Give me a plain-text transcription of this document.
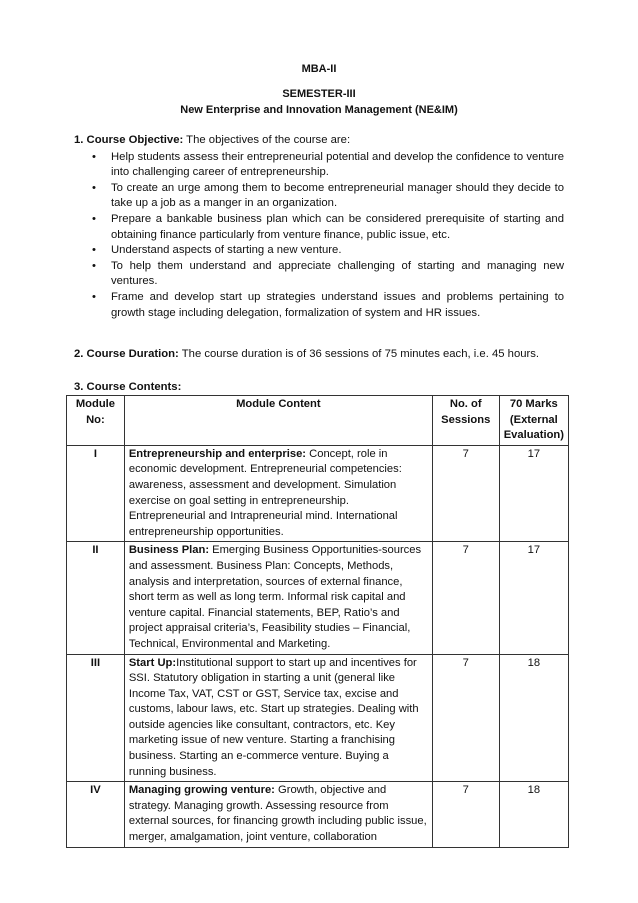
MBA-II
SEMESTER-III
New Enterprise and Innovation Management (NE&IM)
1. Course Objective: The objectives of the course are:
• Help students assess their entrepreneurial potential and develop the confidence to venture into challenging career of entrepreneurship.
• To create an urge among them to become entrepreneurial manager should they decide to take up a job as a manger in an organization.
• Prepare a bankable business plan which can be considered prerequisite of starting and obtaining finance particularly from venture finance, public issue, etc.
• Understand aspects of starting a new venture.
• To help them understand and appreciate challenging of starting and managing new ventures.
• Frame and develop start up strategies understand issues and problems pertaining to growth stage including delegation, formalization of system and HR issues.
2. Course Duration: The course duration is of 36 sessions of 75 minutes each, i.e. 45 hours.
3. Course Contents:
Module No:	Module Content	No. of Sessions	70 Marks (External Evaluation)
I	Entrepreneurship and enterprise: Concept, role in economic development. Entrepreneurial competencies: awareness, assessment and development. Simulation exercise on goal setting in entrepreneurship. Entrepreneurial and Intrapreneurial mind. International entrepreneurship opportunities.	7	17
II	Business Plan: Emerging Business Opportunities-sources and assessment. Business Plan: Concepts, Methods, analysis and interpretation, sources of external finance, short term as well as long term. Informal risk capital and venture capital. Financial statements, BEP, Ratio’s and project appraisal criteria’s, Feasibility studies – Financial, Technical, Environmental and Marketing.	7	17
III	Start Up:Institutional support to start up and incentives for SSI. Statutory obligation in starting a unit (general like Income Tax, VAT, CST or GST, Service tax, excise and customs, labour laws, etc. Start up strategies. Dealing with outside agencies like consultant, contractors, etc. Key marketing issue of new venture. Starting a franchising business. Starting an e-commerce venture. Buying a running business.	7	18
IV	Managing growing venture: Growth, objective and strategy. Managing growth. Assessing resource from external sources, for financing growth including public issue, merger, amalgamation, joint venture, collaboration	7	18
